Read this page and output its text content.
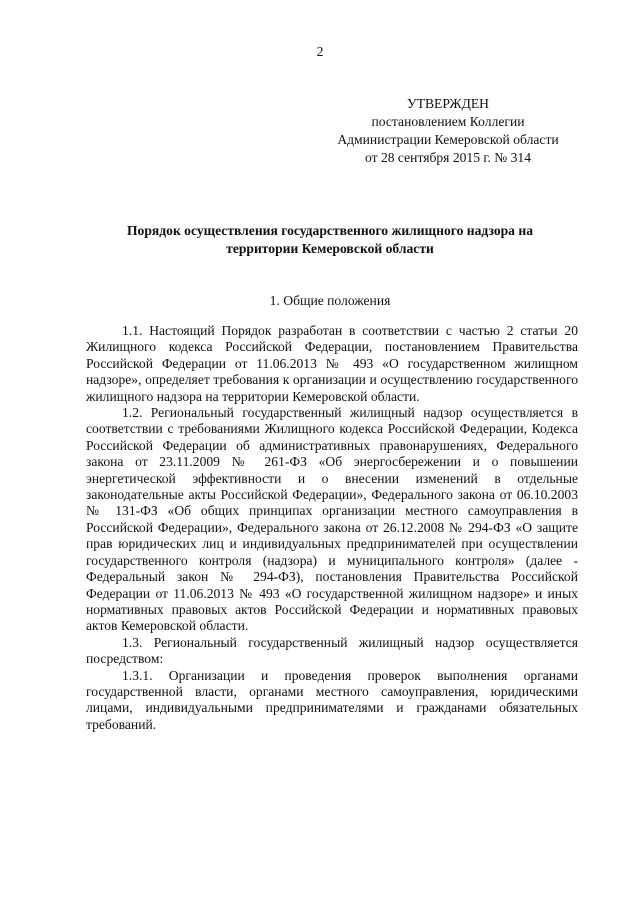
2
УТВЕРЖДЕН
постановлением Коллегии
Администрации Кемеровской области
от 28 сентября 2015 г. № 314
Порядок осуществления государственного жилищного надзора на
территории Кемеровской области
1. Общие положения

1.1. Настоящий Порядок разработан в соответствии с частью 2 статьи 20 Жилищного кодекса Российской Федерации, постановлением Правительства Российской Федерации от 11.06.2013 № 493 «О государственном жилищном надзоре», определяет требования к организации и осуществлению государственного жилищного надзора на территории Кемеровской области.

1.2. Региональный государственный жилищный надзор осуществляется в соответствии с требованиями Жилищного кодекса Российской Федерации, Кодекса Российской Федерации об административных правонарушениях, Федерального закона от 23.11.2009 № 261-ФЗ «Об энергосбережении и о повышении энергетической эффективности и о внесении изменений в отдельные законодательные акты Российской Федерации», Федерального закона от 06.10.2003 № 131-ФЗ «Об общих принципах организации местного самоуправления в Российской Федерации», Федерального закона от 26.12.2008 № 294-ФЗ «О защите прав юридических лиц и индивидуальных предпринимателей при осуществлении государственного контроля (надзора) и муниципального контроля» (далее - Федеральный закон № 294-ФЗ), постановления Правительства Российской Федерации от 11.06.2013 № 493 «О государственной жилищном надзоре» и иных нормативных правовых актов Российской Федерации и нормативных правовых актов Кемеровской области.

1.3. Региональный государственный жилищный надзор осуществляется посредством:

1.3.1. Организации и проведения проверок выполнения органами государственной власти, органами местного самоуправления, юридическими лицами, индивидуальными предпринимателями и гражданами обязательных требований.
